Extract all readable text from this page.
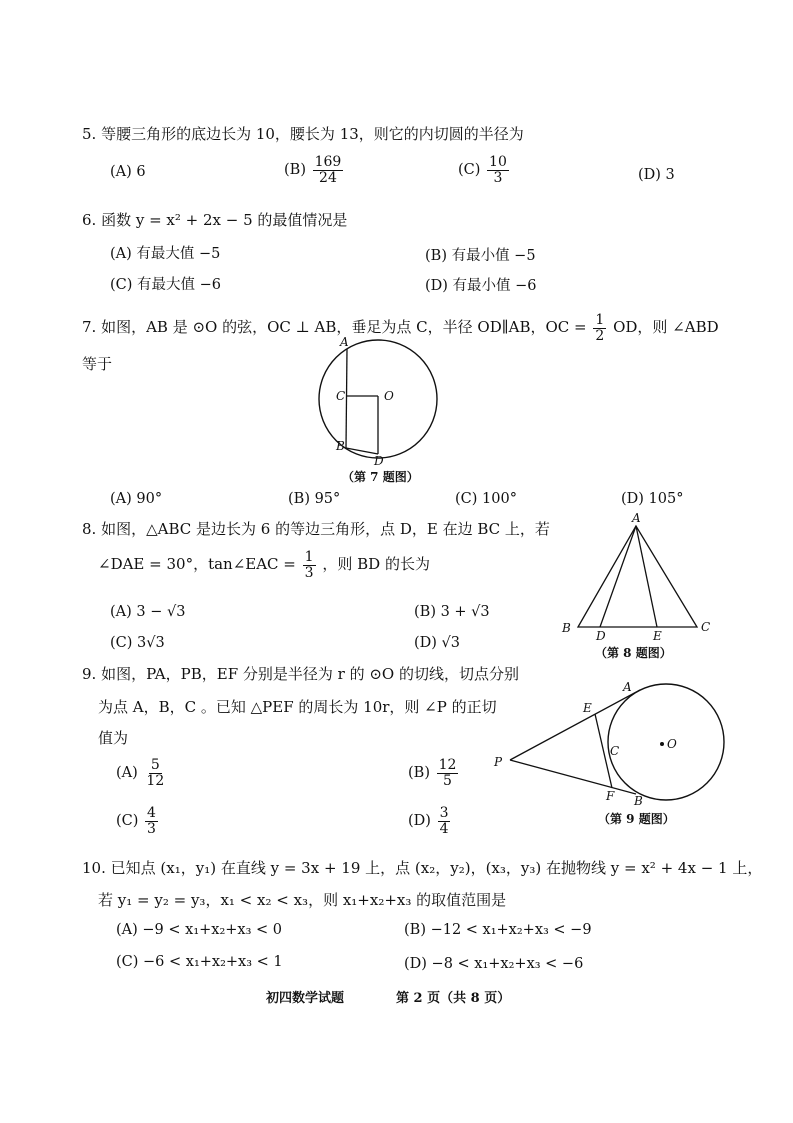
5. 等腰三角形的底边长为 10，腰长为 13，则它的内切圆的半径为
(A) 6	$(B) \frac{169}{24}$	$(C) \frac{10}{3}$	(D) 3
6. 函数 y = x² + 2x − 5 的最值情况是
(A) 有最大值 −5	(B) 有最小值 −5
(C) 有最大值 −6	(D) 有最小值 −6
7. 如图，AB 是 ⊙O 的弦，OC ⊥ AB，垂足为点 C，半径 OD∥AB，OC = $\frac{1}{2}$ OD，则 ∠ABD
等于
A
B
C
D
O
（第 7 题图）
(A) 90°	(B) 95°	(C) 100°	(D) 105°
8. 如图，△ABC 是边长为 6 的等边三角形，点 D，E 在边 BC 上，若
∠DAE = 30°，tan∠EAC = $\frac{1}{3}$ ，则 BD 的长为
(A) 3 − √3	(B) 3 + √3
(C) 3√3	(D) √3
A
B	C
D	E
（第 8 题图）
9. 如图，PA，PB，EF 分别是半径为 r 的 ⊙O 的切线，切点分别
为点 A，B，C 。已知 △PEF 的周长为 10r，则 ∠P 的正切
值为
$(A) \frac{5}{12}$	$(B) \frac{12}{5}$
$(C) \frac{4}{3}$	$(D) \frac{3}{4}$
P
A
E
C	O
F B
（第 9 题图）
10. 已知点 (x₁，y₁) 在直线 y = 3x + 19 上，点 (x₂，y₂)，(x₃，y₃) 在抛物线 y = x² + 4x − 1 上，
若 y₁ = y₂ = y₃，x₁ < x₂ < x₃，则 x₁+x₂+x₃ 的取值范围是
(A) −9 < x₁+x₂+x₃ < 0	(B) −12 < x₁+x₂+x₃ < −9
(C) −6 < x₁+x₂+x₃ < 1	(D) −8 < x₁+x₂+x₃ < −6
初四数学试题	第 2 页（共 8 页）
